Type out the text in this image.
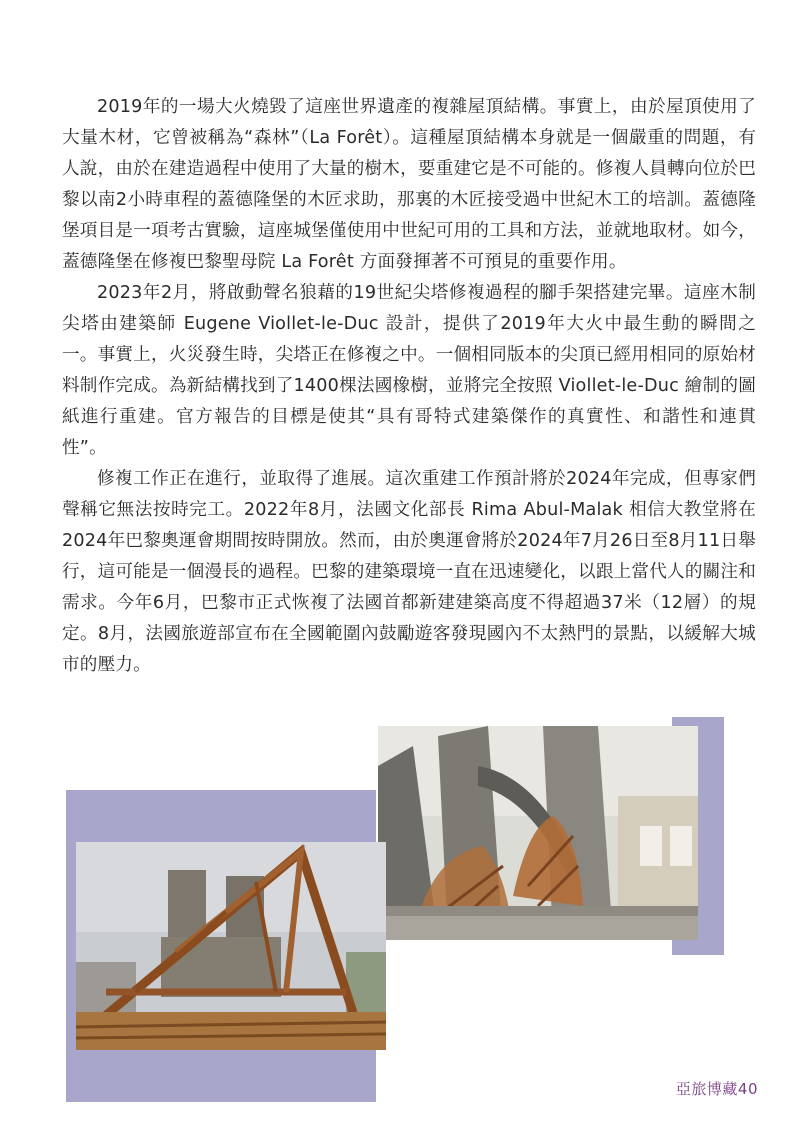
2019年的一場大火燒毀了這座世界遺產的複雜屋頂結構。事實上，由於屋頂使用了大量木材，它曾被稱為“森林”（La Forêt）。這種屋頂結構本身就是一個嚴重的問題，有人說，由於在建造過程中使用了大量的樹木，要重建它是不可能的。修複人員轉向位於巴黎以南2小時車程的蓋德隆堡的木匠求助，那裏的木匠接受過中世紀木工的培訓。蓋德隆堡項目是一項考古實驗，這座城堡僅使用中世紀可用的工具和方法，並就地取材。如今，蓋德隆堡在修複巴黎聖母院 La Forêt 方面發揮著不可預見的重要作用。

2023年2月，將啟動聲名狼藉的19世紀尖塔修複過程的腳手架搭建完畢。這座木制尖塔由建築師 Eugene Viollet-le-Duc 設計，提供了2019年大火中最生動的瞬間之一。事實上，火災發生時，尖塔正在修複之中。一個相同版本的尖頂已經用相同的原始材料制作完成。為新結構找到了1400棵法國橡樹，並將完全按照 Viollet-le-Duc 繪制的圖紙進行重建。官方報告的目標是使其“具有哥特式建築傑作的真實性、和諧性和連貫性”。

修複工作正在進行，並取得了進展。這次重建工作預計將於2024年完成，但專家們聲稱它無法按時完工。2022年8月，法國文化部長 Rima Abul-Malak 相信大教堂將在2024年巴黎奧運會期間按時開放。然而，由於奧運會將於2024年7月26日至8月11日舉行，這可能是一個漫長的過程。巴黎的建築環境一直在迅速變化，以跟上當代人的關注和需求。今年6月，巴黎市正式恢複了法國首都新建建築高度不得超過37米（12層）的規定。8月，法國旅遊部宣布在全國範圍內鼓勵遊客發現國內不太熱門的景點，以緩解大城市的壓力。

亞旅博藏40
